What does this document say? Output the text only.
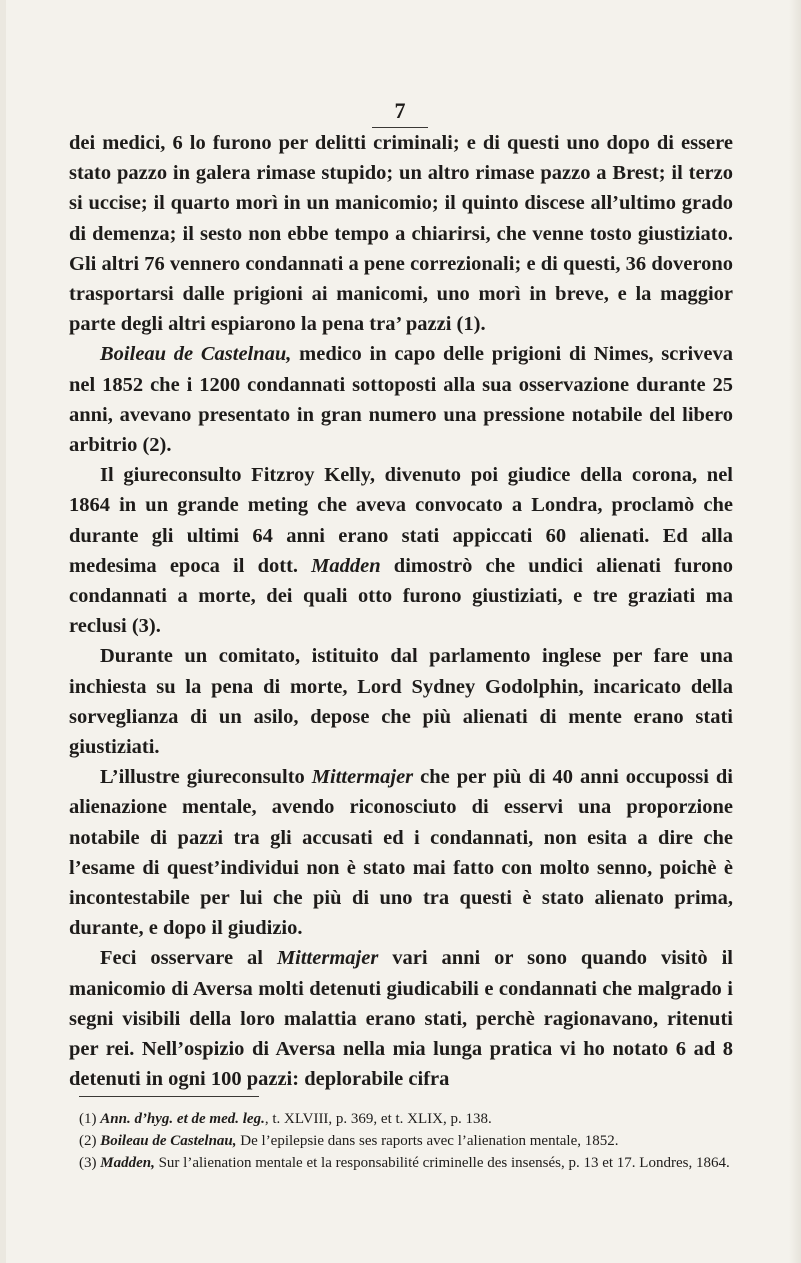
7

dei medici, 6 lo furono per delitti criminali; e di questi uno dopo di essere stato pazzo in galera rimase stupido; un altro rimase pazzo a Brest; il terzo si uccise; il quarto morì in un manicomio; il quinto discese all’ultimo grado di demenza; il sesto non ebbe tempo a chiarirsi, che venne tosto giustiziato. Gli altri 76 vennero condannati a pene correzionali; e di questi, 36 doverono trasportarsi dalle prigioni ai manicomi, uno morì in breve, e la maggior parte degli altri espiarono la pena tra’ pazzi (1).

Boileau de Castelnau, medico in capo delle prigioni di Nimes, scriveva nel 1852 che i 1200 condannati sottoposti alla sua osservazione durante 25 anni, avevano presentato in gran numero una pressione notabile del libero arbitrio (2).

Il giureconsulto Fitzroy Kelly, divenuto poi giudice della corona, nel 1864 in un grande meting che aveva convocato a Londra, proclamò che durante gli ultimi 64 anni erano stati appiccati 60 alienati. Ed alla medesima epoca il dott. Madden dimostrò che undici alienati furono condannati a morte, dei quali otto furono giustiziati, e tre graziati ma reclusi (3).

Durante un comitato, istituito dal parlamento inglese per fare una inchiesta su la pena di morte, Lord Sydney Godolphin, incaricato della sorveglianza di un asilo, depose che più alienati di mente erano stati giustiziati.

L’illustre giureconsulto Mittermajer che per più di 40 anni occupossi di alienazione mentale, avendo riconosciuto di esservi una proporzione notabile di pazzi tra gli accusati ed i condannati, non esita a dire che l’esame di quest’individui non è stato mai fatto con molto senno, poichè è incontestabile per lui che più di uno tra questi è stato alienato prima, durante, e dopo il giudizio.

Feci osservare al Mittermajer vari anni or sono quando visitò il manicomio di Aversa molti detenuti giudicabili e condannati che malgrado i segni visibili della loro malattia erano stati, perchè ragionavano, ritenuti per rei. Nell’ospizio di Aversa nella mia lunga pratica vi ho notato 6 ad 8 detenuti in ogni 100 pazzi: deplorabile cifra

(1) Ann. d’hyg. et de med. leg., t. XLVIII, p. 369, et t. XLIX, p. 138.

(2) Boileau de Castelnau, De l’epilepsie dans ses raports avec l’alienation mentale, 1852.

(3) Madden, Sur l’alienation mentale et la responsabilité criminelle des insensés, p. 13 et 17. Londres, 1864.
